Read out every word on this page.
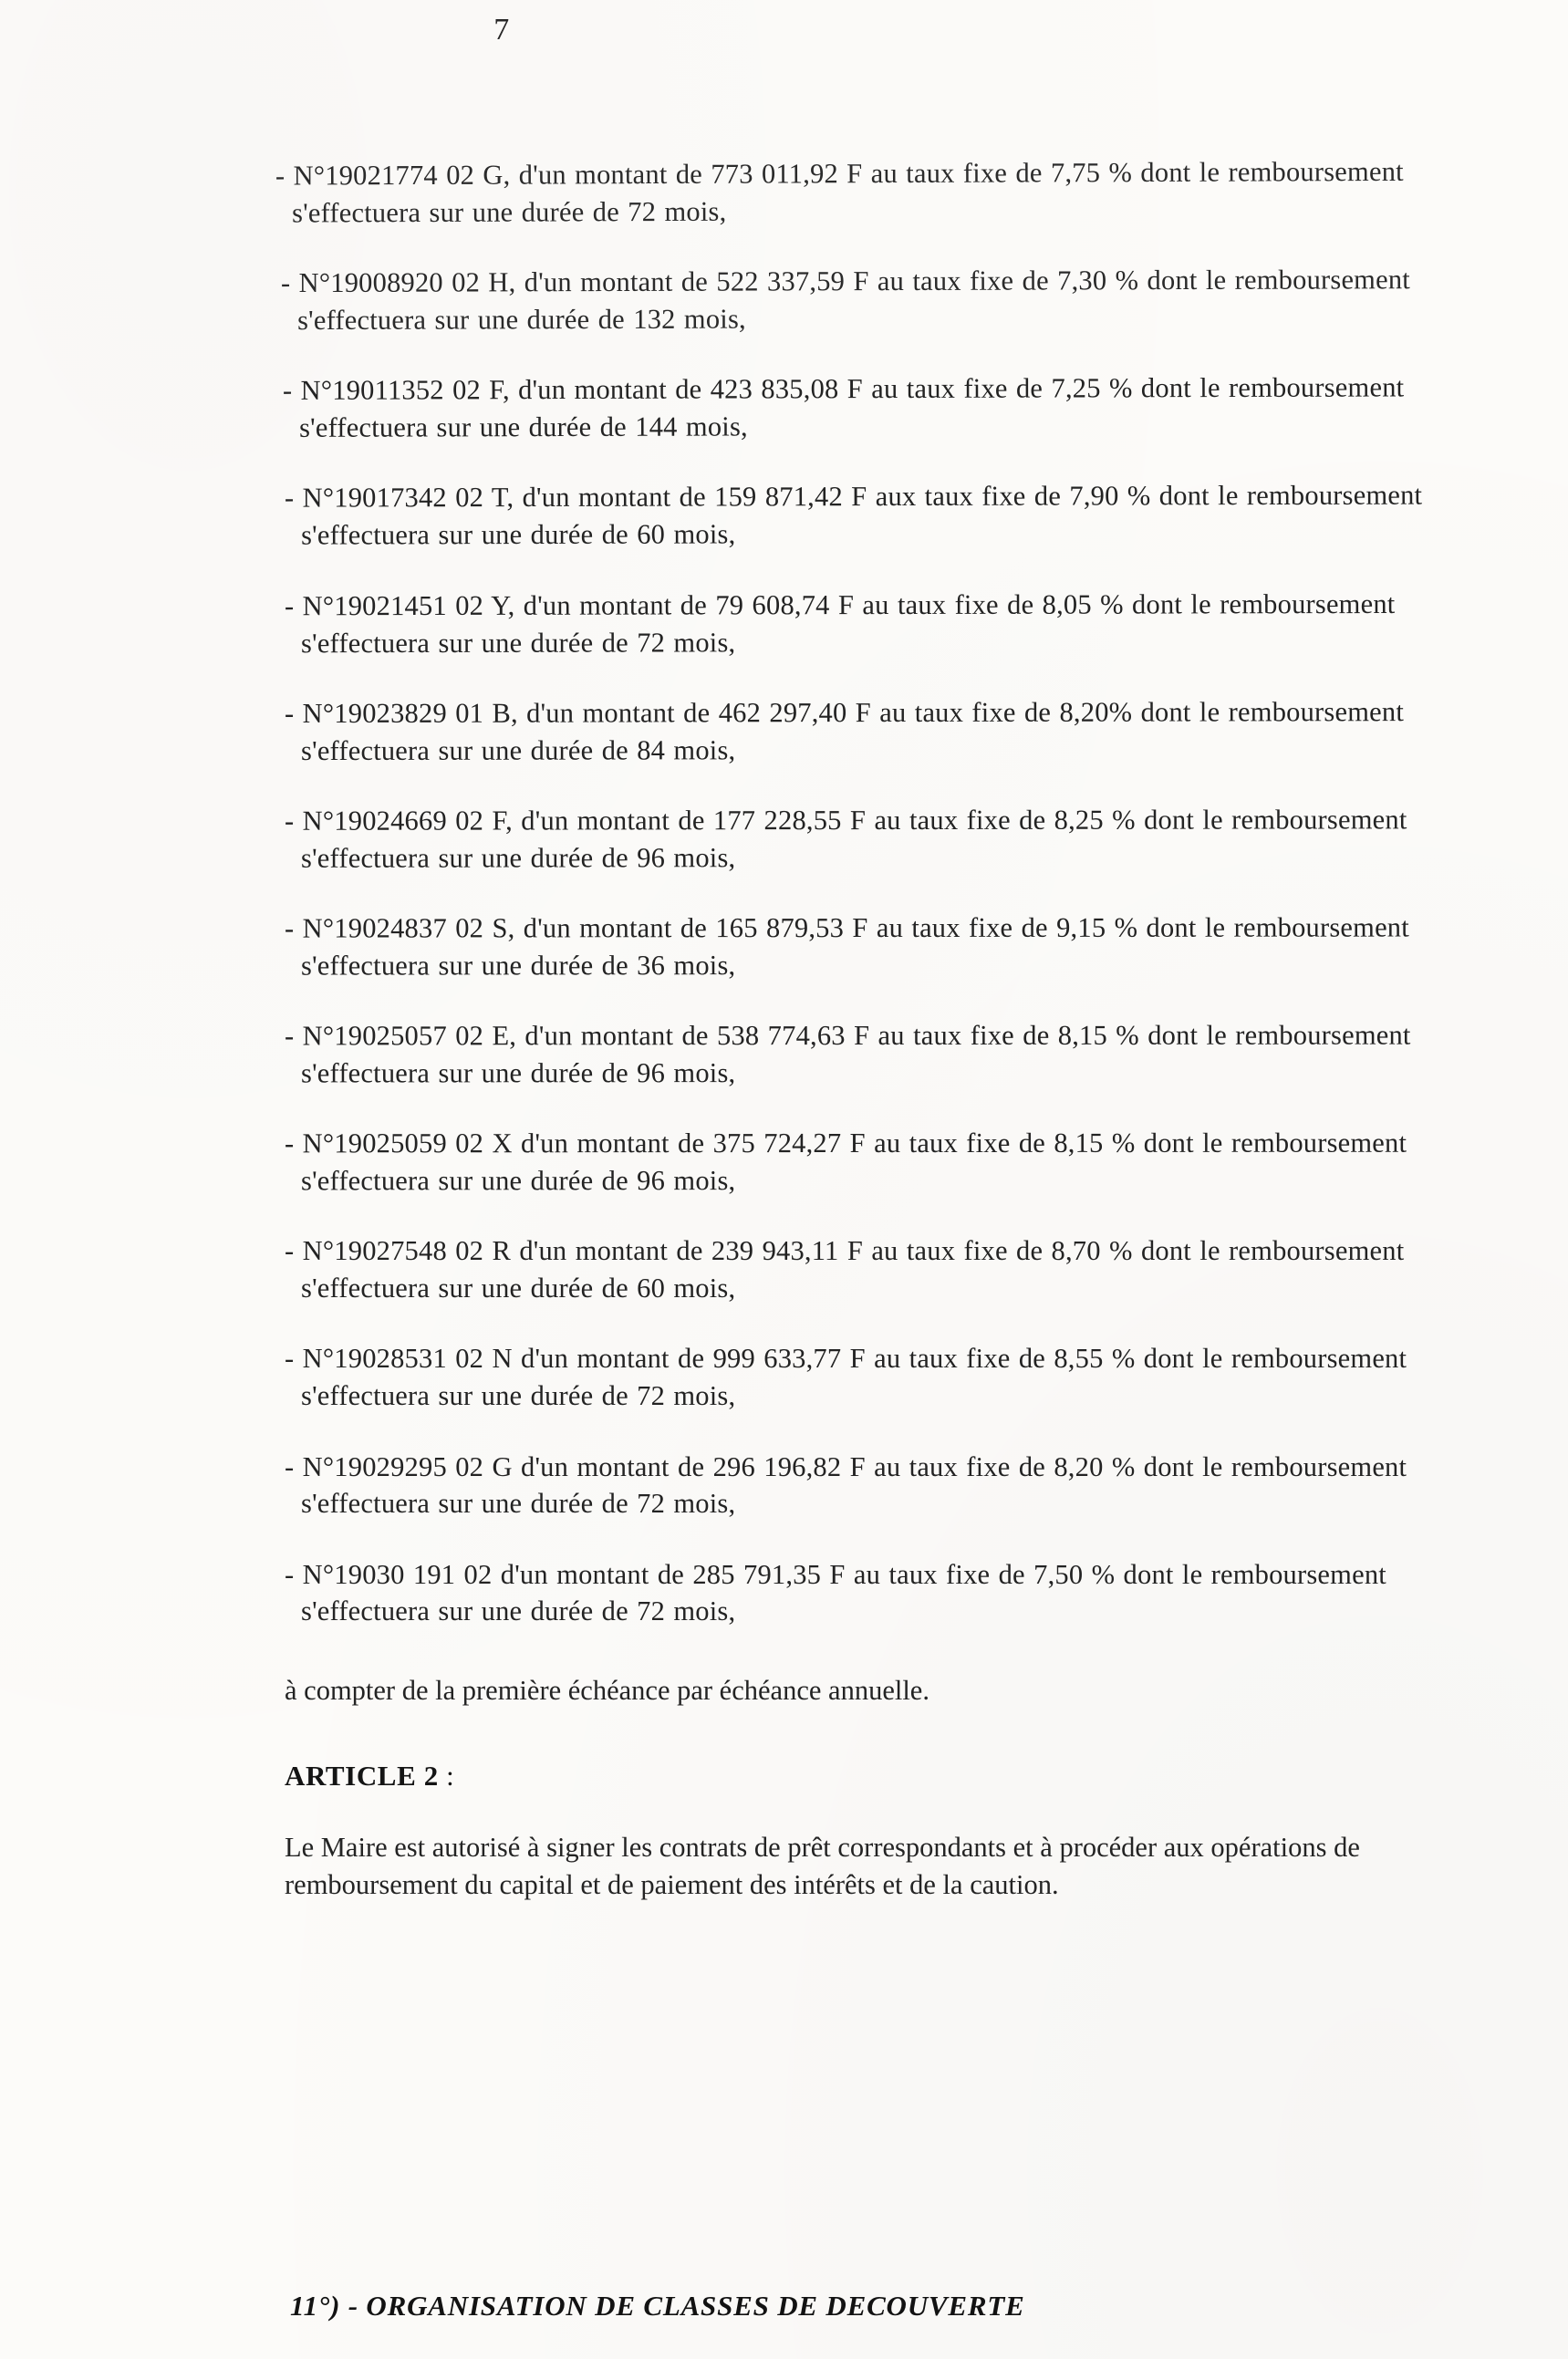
7

- N°19021774 02 G, d'un montant de 773 011,92 F au taux fixe de 7,75 % dont le remboursement s'effectuera sur une durée de 72 mois,

- N°19008920 02 H, d'un montant de 522 337,59 F au taux fixe de 7,30 % dont le remboursement s'effectuera sur une durée de 132 mois,

- N°19011352 02 F, d'un montant de 423 835,08 F au taux fixe de 7,25 % dont le remboursement s'effectuera sur une durée de 144 mois,

- N°19017342 02 T, d'un montant de 159 871,42 F aux taux fixe de 7,90 % dont le remboursement s'effectuera sur une durée de 60 mois,

- N°19021451 02 Y, d'un montant de 79 608,74 F au taux fixe de 8,05 % dont le remboursement s'effectuera sur une durée de 72 mois,

- N°19023829 01 B, d'un montant de 462 297,40 F au taux fixe de 8,20% dont le remboursement s'effectuera sur une durée de 84 mois,

- N°19024669 02 F, d'un montant de 177 228,55 F au taux fixe de 8,25 % dont le remboursement s'effectuera sur une durée de 96 mois,

- N°19024837 02 S, d'un montant de 165 879,53 F au taux fixe de 9,15 % dont le remboursement s'effectuera sur une durée de 36 mois,

- N°19025057 02 E, d'un montant de 538 774,63 F au taux fixe de 8,15 % dont le remboursement s'effectuera sur une durée de 96 mois,

- N°19025059 02 X d'un montant de 375 724,27 F au taux fixe de 8,15 % dont le remboursement s'effectuera sur une durée de 96 mois,

- N°19027548 02 R d'un montant de 239 943,11 F au taux fixe de 8,70 % dont le remboursement s'effectuera sur une durée de 60 mois,

- N°19028531 02 N d'un montant de 999 633,77 F au taux fixe de 8,55 % dont le remboursement s'effectuera sur une durée de 72 mois,

- N°19029295 02 G d'un montant de 296 196,82 F au taux fixe de 8,20 % dont le remboursement s'effectuera sur une durée de 72 mois,

- N°19030 191 02 d'un montant de 285 791,35 F au taux fixe de 7,50 % dont le remboursement s'effectuera sur une durée de 72 mois,

à compter de la première échéance par échéance annuelle.

ARTICLE 2 :

Le Maire est autorisé à signer les contrats de prêt correspondants et à procéder aux opérations de remboursement du capital et de paiement des intérêts et de la caution.

11°) - ORGANISATION DE CLASSES DE DECOUVERTE
